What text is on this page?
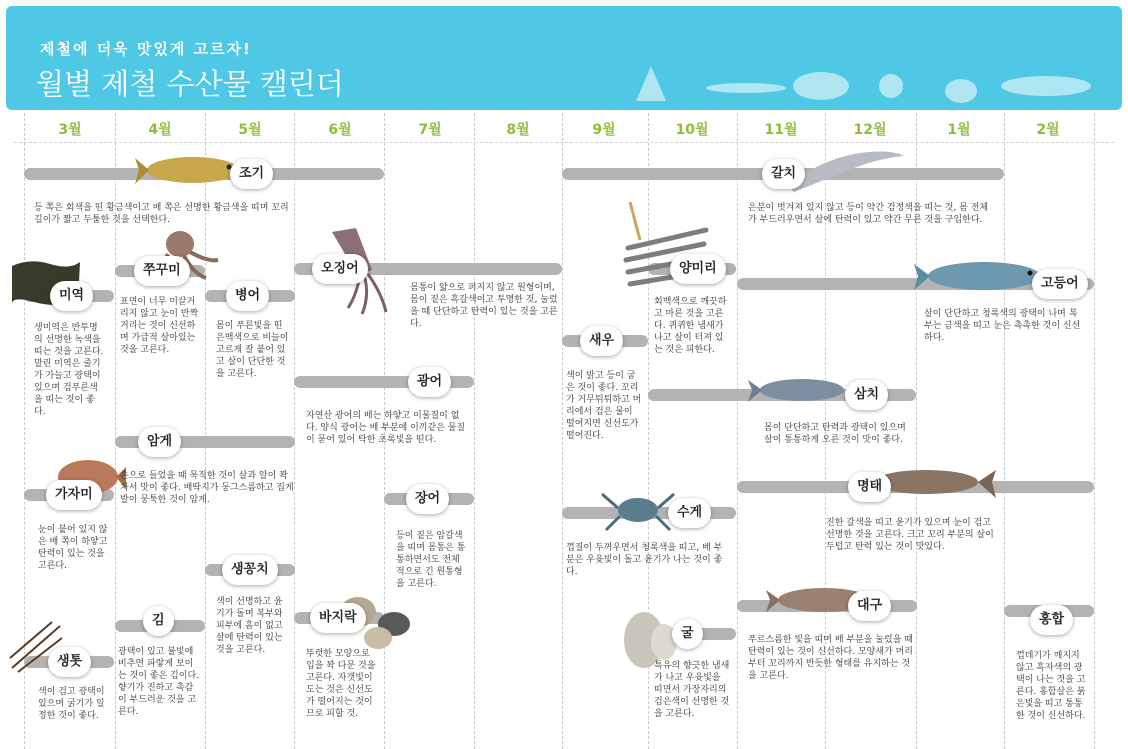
제철에 더욱 맛있게 고르자!
월별 제철 수산물 캘린더
3월	4월	5월	6월	7월	8월	9월	10월	11월	12월	1월	2월
조기
미역
쭈꾸미
병어
오징어	양미리
고등어
갈치
새우
광어
삼치
암게
가자미	장어
수게
명태
생꽁치
김	바지락
굴
대구
생톳
홍합
등 쪽은 회색을 띤 황금색이고 배 쪽은 선명한 황금색을 띠며 꼬리 길이가 짧고 두툼한 것을 선택한다.
생미역은 반투명의 선명한 녹색을 띠는 것을 고른다. 말린 미역은 줄기가 가늘고 광택이 있으며 검푸른색을 띠는 것이 좋다.
표면이 너무 미끌거리지 않고 눈이 반짝거리는 것이 신선하며 가급적 살아있는 것을 고른다.
몸이 푸른빛을 띤 은백색으로 비늘이 고르게 잘 붙어 있고 살이 단단한 것을 고른다.
몸통이 얇으로 퍼지지 않고 원형이며, 몸이 짙은 흑갈색이고 투명한 것, 눌렀을 때 단단하고 탄력이 있는 것을 고른다.
회백색으로 깨끗하고 마른 것을 고른다. 퀴퀴한 냄새가 나고 살이 터져 있는 것은 피한다.
살이 단단하고 청록색의 광택이 나며 복부는 금색을 띠고 눈은 촉촉한 것이 신선하다.
은분이 벗겨져 있지 않고 등이 약간 검정색을 띠는 것, 몸 전체가 부드러우면서 살에 탄력이 있고 약간 무른 것을 구입한다.
색이 밝고 등이 굽은 것이 좋다. 꼬리가 거무튀튀하고 머리에서 검은 물이 떨어지면 신선도가 떨어진다.
자연산 광어의 배는 하얗고 이물질이 없다. 양식 광어는 배 부분에 이끼같은 물질이 묻어 있어 탁한 초록빛을 띤다.
몸이 단단하고 탄력과 광택이 있으며 살이 통통하게 오른 것이 맛이 좋다.
손으로 들었을 때 묵직한 것이 살과 알이 꽉 차서 맛이 좋다. 배딱지가 둥그스름하고 집게발이 뭉툭한 것이 암게.
눈이 붙어 있지 않은 배 쪽이 하얗고 탄력이 있는 것을 고른다.
등이 짙은 암갈색을 띠며 몸통은 통통하면서도 전체적으로 긴 원통형을 고른다.
껍질이 두꺼우면서 청록색을 띠고, 배 부분은 우윳빛이 돌고 윤기가 나는 것이 좋다.
진한 갈색을 띠고 윤기가 있으며 눈이 검고 선명한 것을 고른다. 크고 꼬리 부분의 살이 두텁고 탄력 있는 것이 맛있다.
색이 선명하고 윤기가 돌며 복부와 피부에 흠이 없고 살에 탄력이 있는 것을 고른다.
광택이 있고 불빛에 비추면 파랗게 보이는 것이 좋은 김이다. 향기가 진하고 촉감이 부드러운 것을 고른다.
뚜렷한 모양으로 입을 꽉 다문 것을 고른다. 자갯빛이 도는 것은 신선도가 떨어지는 것이므로 피할 것.
특유의 향긋한 냄새가 나고 우윳빛을 띠면서 가장자리의 검은색이 선명한 것을 고른다.
푸르스름한 빛을 띠며 배 부분을 눌렀을 때 탄력이 있는 것이 신선하다. 모양새가 머리부터 꼬리까지 반듯한 형태를 유지하는 것을 고른다.
색이 검고 광택이 있으며 굵기가 일정한 것이 좋다.
껍데기가 깨지지 않고 흑자색의 광택이 나는 것을 고른다. 홍합살은 붉은빛을 띠고 통통한 것이 신선하다.
